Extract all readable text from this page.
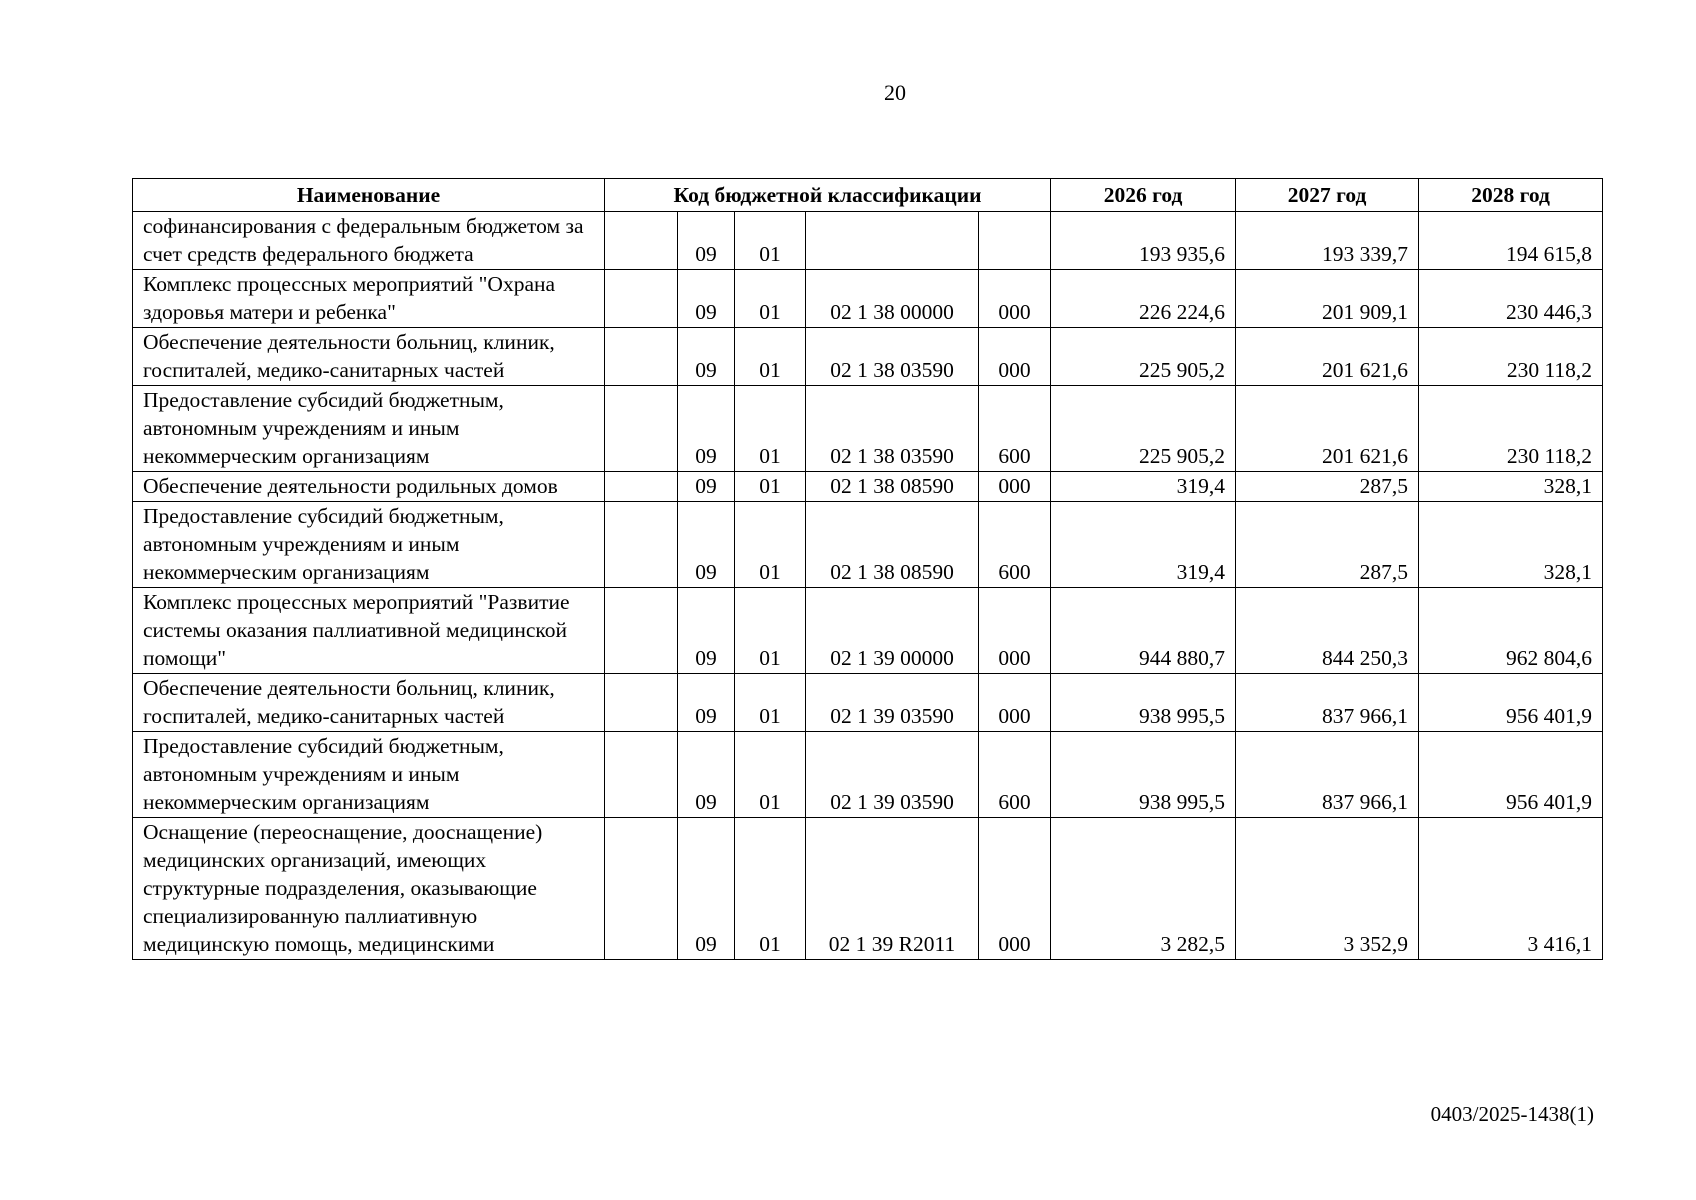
20
Наименование	Код бюджетной классификации					2026 год	2027 год	2028 год
софинансирования с федеральным бюджетом за счет средств федерального бюджета		09	01			193 935,6	193 339,7	194 615,8
Комплекс процессных мероприятий "Охрана здоровья матери и ребенка"		09	01	02 1 38 00000	000	226 224,6	201 909,1	230 446,3
Обеспечение деятельности больниц, клиник, госпиталей, медико-санитарных частей		09	01	02 1 38 03590	000	225 905,2	201 621,6	230 118,2
Предоставление субсидий бюджетным, автономным учреждениям и иным некоммерческим организациям		09	01	02 1 38 03590	600	225 905,2	201 621,6	230 118,2
Обеспечение деятельности родильных домов		09	01	02 1 38 08590	000	319,4	287,5	328,1
Предоставление субсидий бюджетным, автономным учреждениям и иным некоммерческим организациям		09	01	02 1 38 08590	600	319,4	287,5	328,1
Комплекс процессных мероприятий "Развитие системы оказания паллиативной медицинской помощи"		09	01	02 1 39 00000	000	944 880,7	844 250,3	962 804,6
Обеспечение деятельности больниц, клиник, госпиталей, медико-санитарных частей		09	01	02 1 39 03590	000	938 995,5	837 966,1	956 401,9
Предоставление субсидий бюджетным, автономным учреждениям и иным некоммерческим организациям		09	01	02 1 39 03590	600	938 995,5	837 966,1	956 401,9
Оснащение (переоснащение, дооснащение) медицинских организаций, имеющих структурные подразделения, оказывающие специализированную паллиативную медицинскую помощь, медицинскими		09	01	02 1 39 R2011	000	3 282,5	3 352,9	3 416,1
0403/2025-1438(1)
